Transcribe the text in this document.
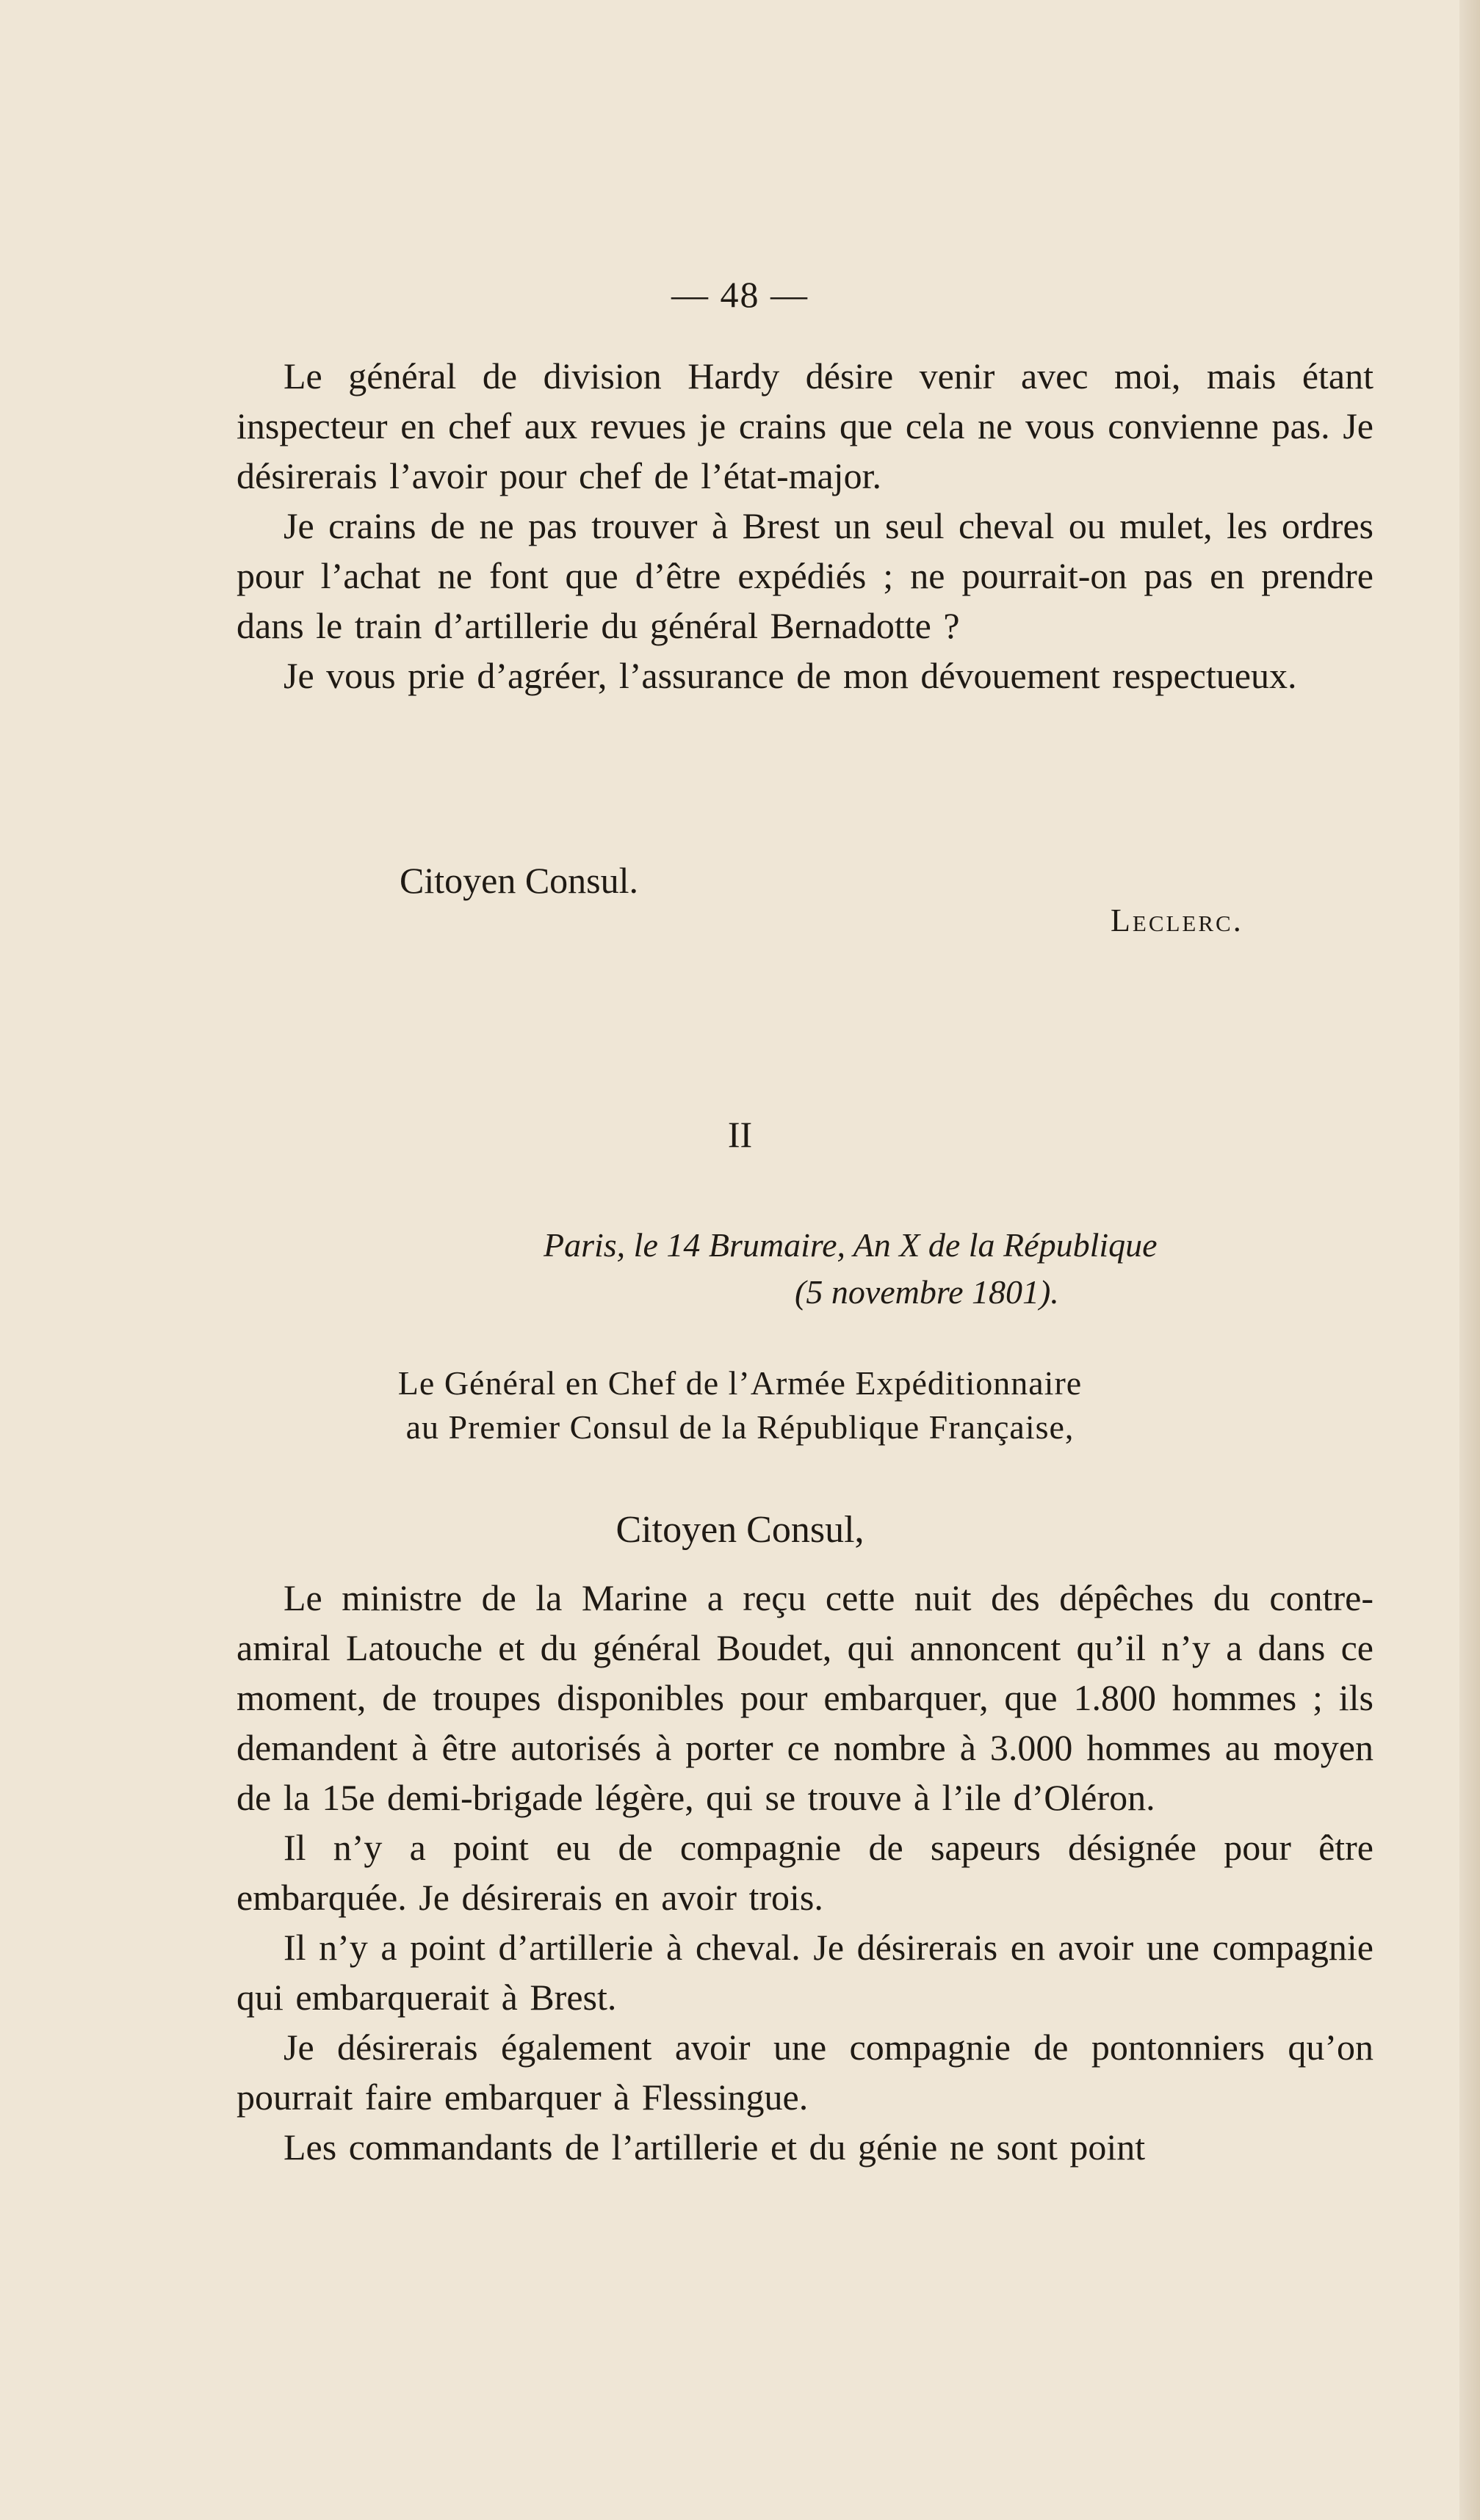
— 48 —

Le général de division Hardy désire venir avec moi, mais étant inspecteur en chef aux revues je crains que cela ne vous convienne pas. Je désirerais l’avoir pour chef de l’état-major.

Je crains de ne pas trouver à Brest un seul cheval ou mulet, les ordres pour l’achat ne font que d’être expédiés ; ne pourrait-on pas en prendre dans le train d’artillerie du général Bernadotte ?

Je vous prie d’agréer, l’assurance de mon dévouement respectueux.

Citoyen Consul.
Leclerc.
II
Paris, le 14 Brumaire, An X de la République
(5 novembre 1801).
Le Général en Chef de l’Armée Expéditionnaire
au Premier Consul de la République Française,
Citoyen Consul,

Le ministre de la Marine a reçu cette nuit des dépêches du contre-amiral Latouche et du général Boudet, qui annoncent qu’il n’y a dans ce moment, de troupes disponibles pour embarquer, que 1.800 hommes ; ils demandent à être autorisés à porter ce nombre à 3.000 hommes au moyen de la 15e demi-brigade légère, qui se trouve à l’ile d’Oléron.

Il n’y a point eu de compagnie de sapeurs désignée pour être embarquée. Je désirerais en avoir trois.

Il n’y a point d’artillerie à cheval. Je désirerais en avoir une compagnie qui embarquerait à Brest.

Je désirerais également avoir une compagnie de pontonniers qu’on pourrait faire embarquer à Flessingue.

Les commandants de l’artillerie et du génie ne sont point
